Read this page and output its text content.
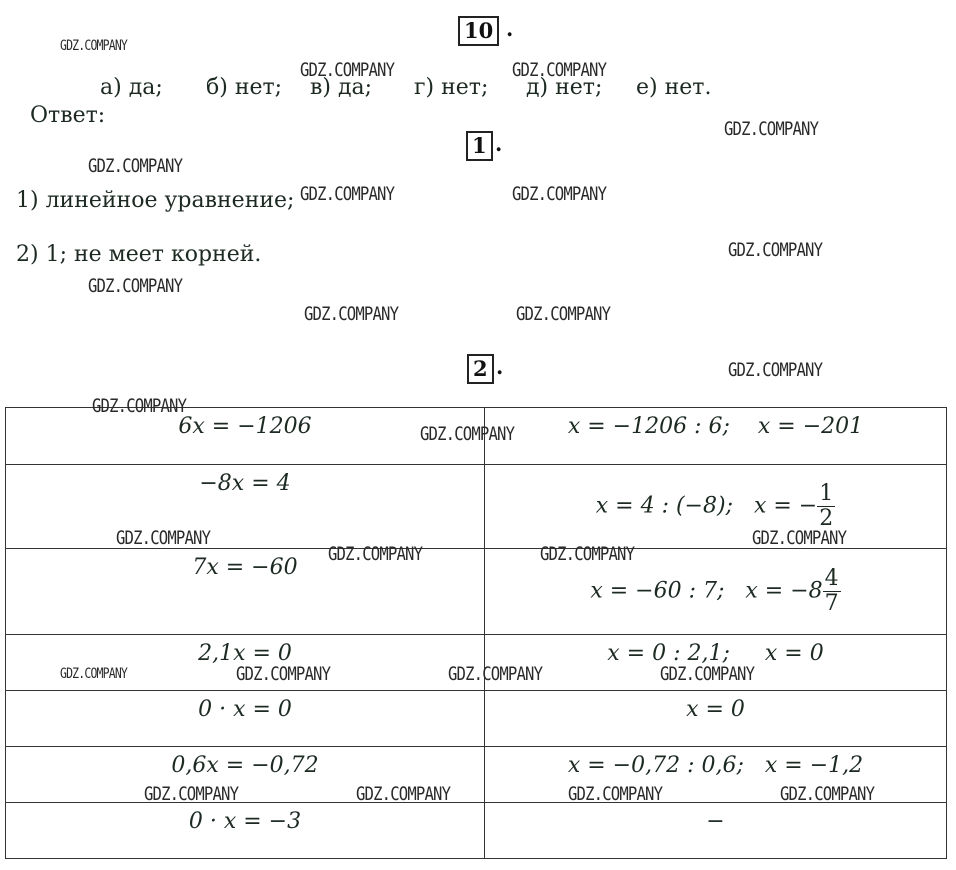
10 .

Ответ:

а) да; б) нет; в) да; г) нет; д) нет; е) нет.
1 .
1) линейное уравнение;
2) 1; не меет корней.
2 .
6x = −1206	x = −1206 : 6; x = −201
−8x = 4	x = 4 : (−8); x = − $\frac{1}{2}$

7x = −60	x = −60 : 7; $x = -8 \frac{4}{7}$

2,1x = 0	x = 0 : 2,1; x = 0
0 · x = 0	x = 0
0,6x = −0,72	x = −0,72 : 0,6; x = −1,2
0 · x = −3	−
GDZ.COMPANY
GDZ.COMPANY	GDZ.COMPANY
GDZ.COMPANY
GDZ.COMPANY
GDZ.COMPANY	GDZ.COMPANY
GDZ.COMPANY
GDZ.COMPANY
GDZ.COMPANY	GDZ.COMPANY
GDZ.COMPANY
GDZ.COMPANY
GDZ.COMPANY
GDZ.COMPANY
GDZ.COMPANY	GDZ.COMPANY
GDZ.COMPANY
GDZ.COMPANY	GDZ.COMPANY	GDZ.COMPANY	GDZ.COMPANY
GDZ.COMPANY	GDZ.COMPANY	GDZ.COMPANY	GDZ.COMPANY
